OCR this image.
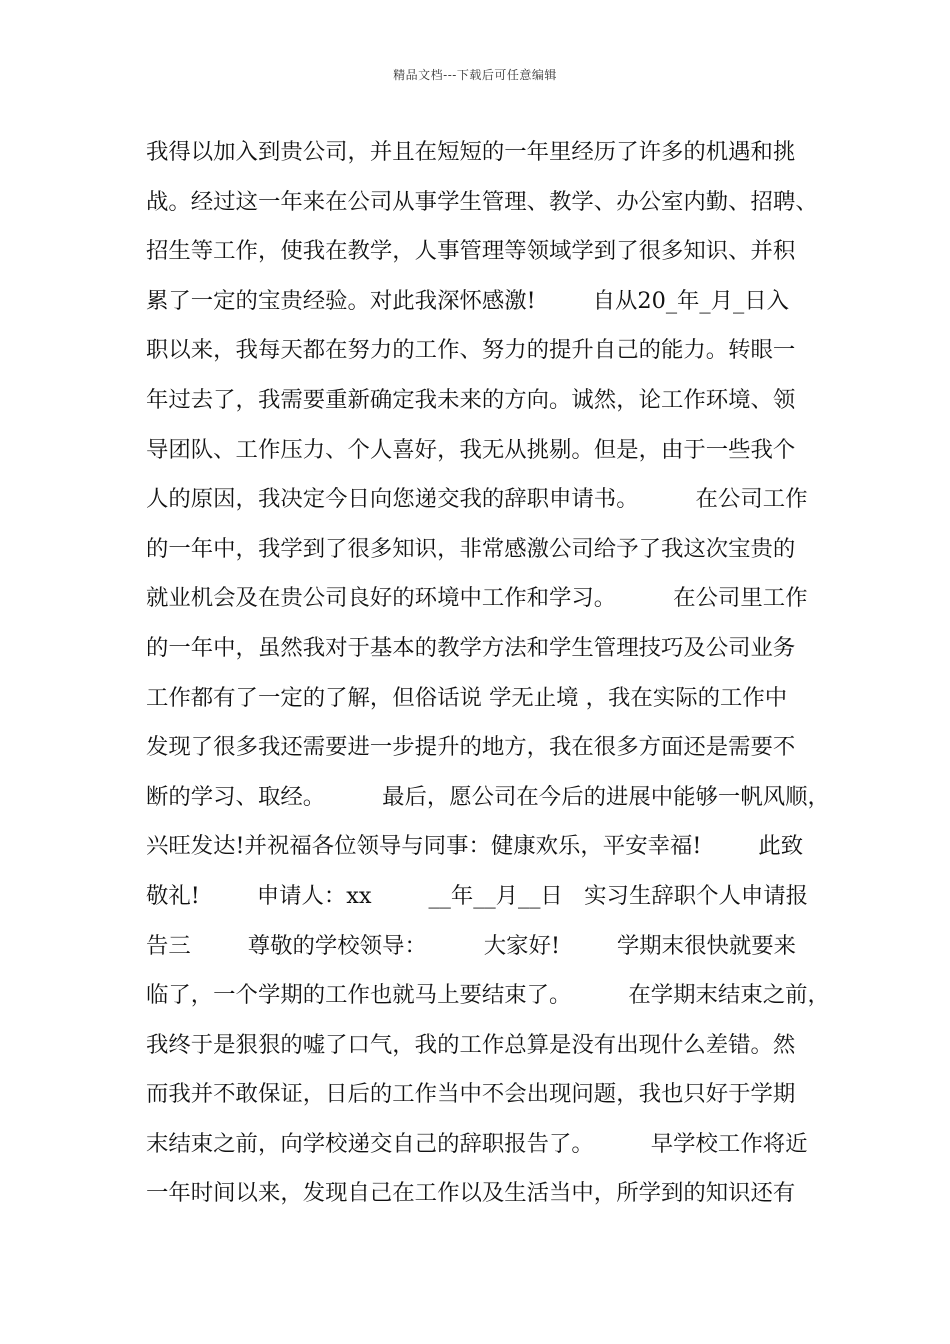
精品文档---下载后可任意编辑
我得以加入到贵公司，并且在短短的一年里经历了许多的机遇和挑
战。经过这一年来在公司从事学生管理、教学、办公室内勤、招聘、
招生等工作，使我在教学，人事管理等领域学到了很多知识、并积
累了一定的宝贵经验。对此我深怀感激!        自从20_年_月_日入
职以来，我每天都在努力的工作、努力的提升自己的能力。转眼一
年过去了，我需要重新确定我未来的方向。诚然，论工作环境、领
导团队、工作压力、个人喜好，我无从挑剔。但是，由于一些我个
人的原因，我决定今日向您递交我的辞职申请书。        在公司工作
的一年中，我学到了很多知识，非常感激公司给予了我这次宝贵的
就业机会及在贵公司良好的环境中工作和学习。        在公司里工作
的一年中，虽然我对于基本的教学方法和学生管理技巧及公司业务
工作都有了一定的了解，但俗话说 学无止境 ，我在实际的工作中
发现了很多我还需要进一步提升的地方，我在很多方面还是需要不
断的学习、取经。        最后，愿公司在今后的进展中能够一帆风顺，
兴旺发达!并祝福各位领导与同事：健康欢乐，平安幸福!        此致
敬礼!        申请人：xx        __年__月__日   实习生辞职个人申请报
告三        尊敬的学校领导：        大家好!        学期末很快就要来
临了，一个学期的工作也就马上要结束了。        在学期末结束之前，
我终于是狠狠的嘘了口气，我的工作总算是没有出现什么差错。然
而我并不敢保证，日后的工作当中不会出现问题，我也只好于学期
末结束之前，向学校递交自己的辞职报告了。        早学校工作将近
一年时间以来，发现自己在工作以及生活当中，所学到的知识还有
